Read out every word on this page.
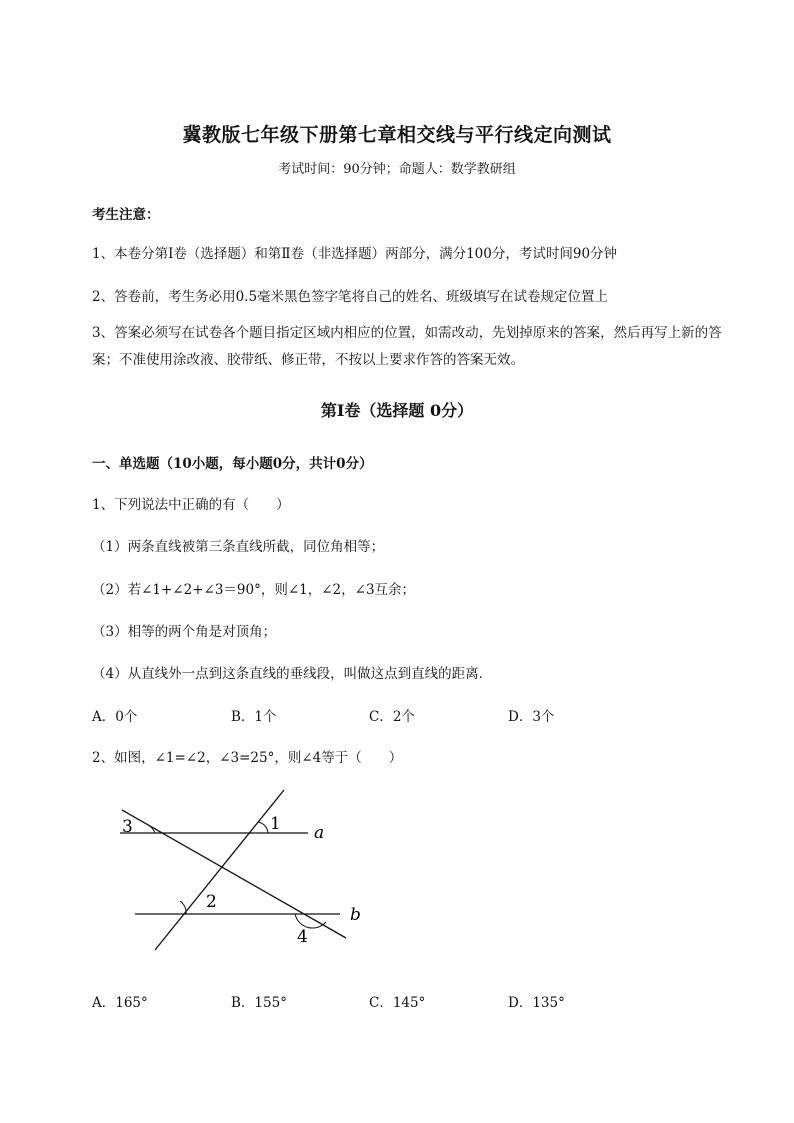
冀教版七年级下册第七章相交线与平行线定向测试
考试时间：90分钟；命题人：数学教研组
考生注意：
1、本卷分第I卷（选择题）和第Ⅱ卷（非选择题）两部分，满分100分，考试时间90分钟
2、答卷前，考生务必用0.5毫米黑色签字笔将自己的姓名、班级填写在试卷规定位置上
3、答案必须写在试卷各个题目指定区域内相应的位置，如需改动，先划掉原来的答案，然后再写上新的答案；不准使用涂改液、胶带纸、修正带，不按以上要求作答的答案无效。
第I卷（选择题 0分）
一、单选题（10小题，每小题0分，共计0分）
1、下列说法中正确的有（　　）
（1）两条直线被第三条直线所截，同位角相等；
（2）若∠1+∠2+∠3＝90°，则∠1，∠2，∠3互余；
（3）相等的两个角是对顶角；
（4）从直线外一点到这条直线的垂线段，叫做这点到直线的距离．
A．0个	B．1个	C．2个	D．3个
2、如图，∠1=∠2，∠3=25°，则∠4等于（　　）
3	1 a
2
b
4
A．165°	B．155°	C．145°	D．135°
